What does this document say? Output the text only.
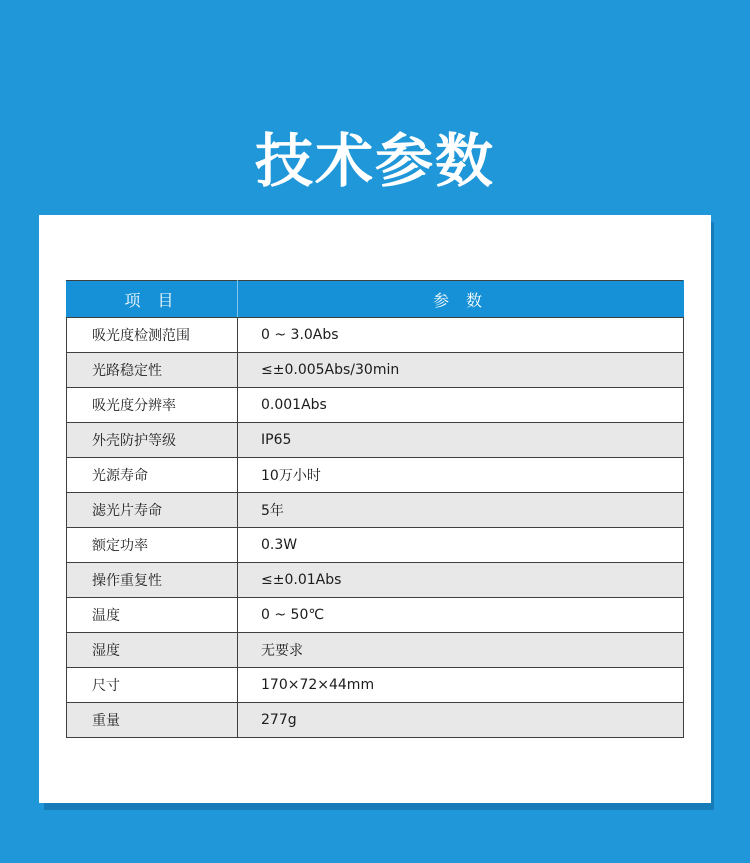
技术参数
项 目	参 数
吸光度检测范围	0 ~ 3.0Abs
光路稳定性	≤±0.005Abs/30min
吸光度分辨率	0.001Abs
外壳防护等级	IP65
光源寿命	10万小时
滤光片寿命	5年
额定功率	0.3W
操作重复性	≤±0.01Abs
温度	0 ~ 50℃
湿度	无要求
尺寸	170×72×44mm
重量	277g
